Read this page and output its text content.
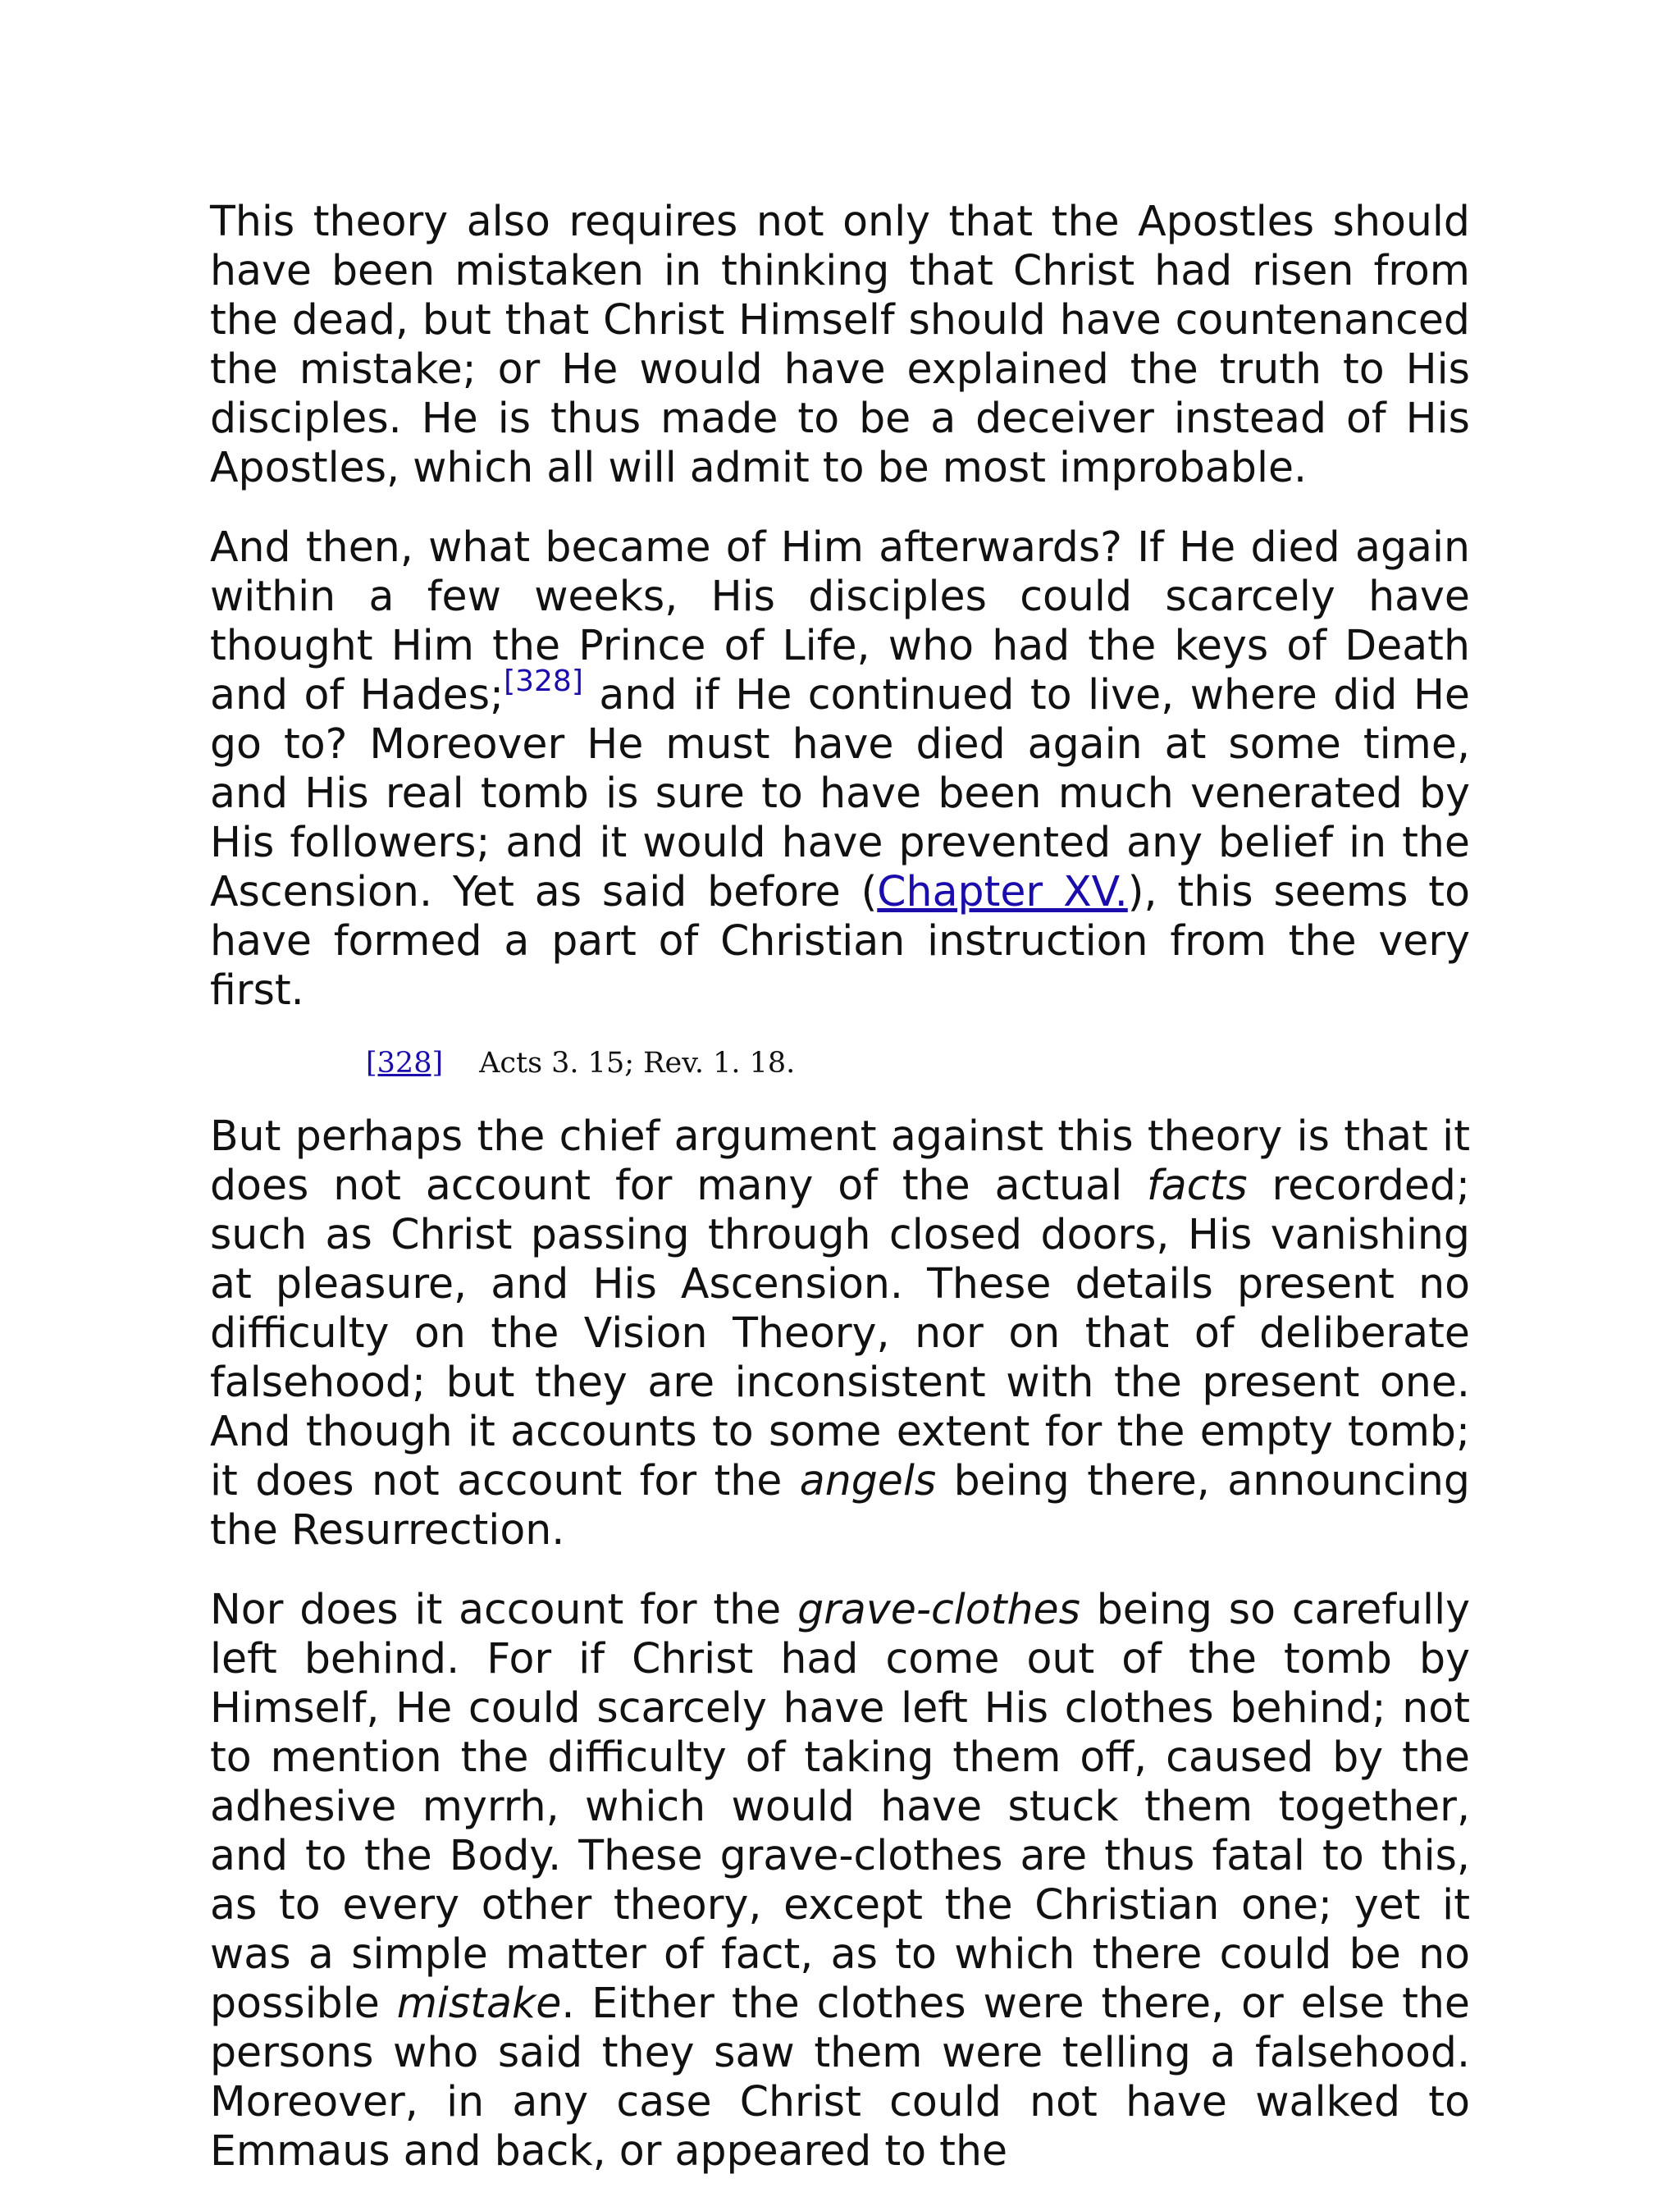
This theory also requires not only that the Apostles should have been mistaken in thinking that Christ had risen from the dead, but that Christ Himself should have countenanced the mistake; or He would have explained the truth to His disciples. He is thus made to be a deceiver instead of His Apostles, which all will admit to be most improbable.

And then, what became of Him afterwards? If He died again within a few weeks, His disciples could scarcely have thought Him the Prince of Life, who had the keys of Death and of Hades;[328] and if He continued to live, where did He go to? Moreover He must have died again at some time, and His real tomb is sure to have been much venerated by His followers; and it would have prevented any belief in the Ascension. Yet as said before (Chapter XV.), this seems to have formed a part of Christian instruction from the very first.

[328] Acts 3. 15; Rev. 1. 18.

But perhaps the chief argument against this theory is that it does not account for many of the actual facts recorded; such as Christ passing through closed doors, His vanishing at pleasure, and His Ascension. These details present no difficulty on the Vision Theory, nor on that of deliberate falsehood; but they are inconsistent with the present one. And though it accounts to some extent for the empty tomb; it does not account for the angels being there, announcing the Resurrection.

Nor does it account for the grave-clothes being so carefully left behind. For if Christ had come out of the tomb by Himself, He could scarcely have left His clothes behind; not to mention the difficulty of taking them off, caused by the adhesive myrrh, which would have stuck them together, and to the Body. These grave-clothes are thus fatal to this, as to every other theory, except the Christian one; yet it was a simple matter of fact, as to which there could be no possible mistake. Either the clothes were there, or else the persons who said they saw them were telling a falsehood. Moreover, in any case Christ could not have walked to Emmaus and back, or appeared to the
